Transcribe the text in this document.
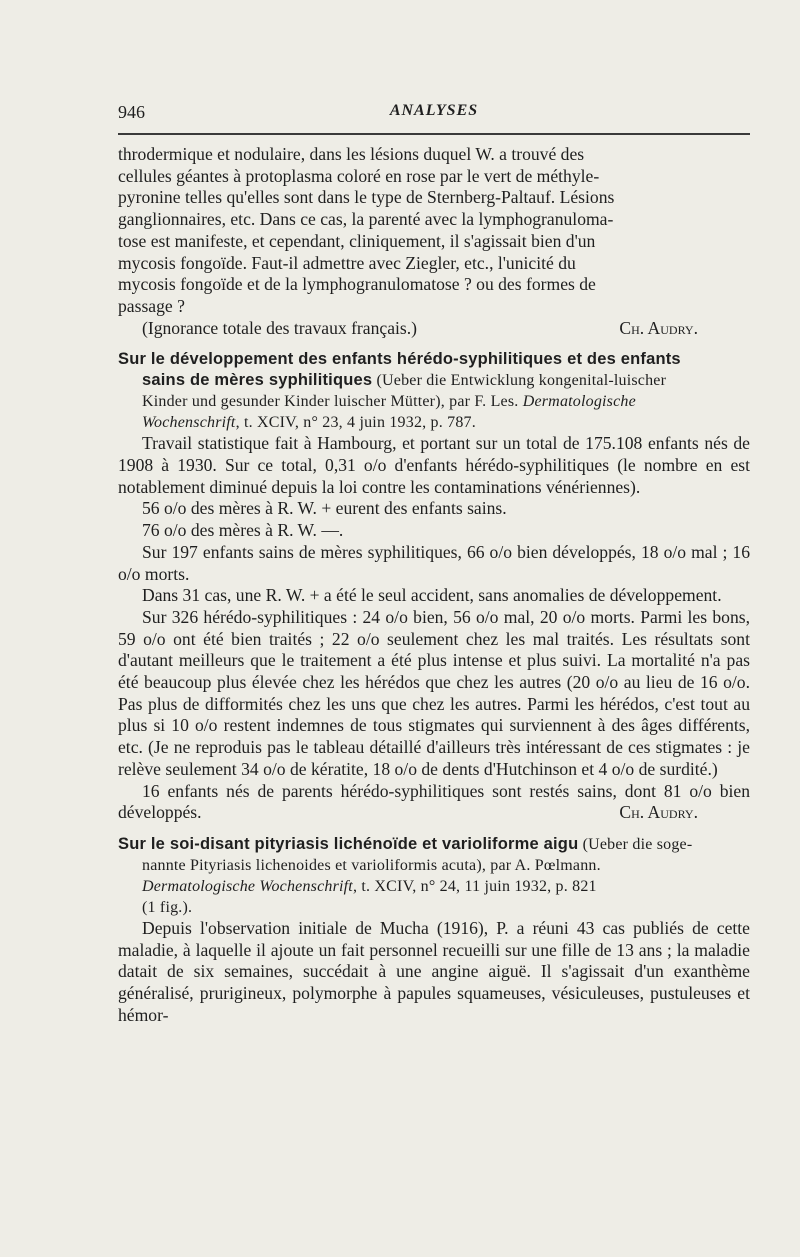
946	ANALYSES

throdermique et nodulaire, dans les lésions duquel W. a trouvé des

cellules géantes à protoplasma coloré en rose par le vert de méthyle-

pyronine telles qu'elles sont dans le type de Sternberg-Paltauf. Lésions

ganglionnaires, etc. Dans ce cas, la parenté avec la lymphogranuloma-

tose est manifeste, et cependant, cliniquement, il s'agissait bien d'un

mycosis fongoïde. Faut-il admettre avec Ziegler, etc., l'unicité du

mycosis fongoïde et de la lymphogranulomatose ? ou des formes de

passage ?

(Ignorance totale des travaux français.)	Ch. Audry.
Sur le développement des enfants hérédo-syphilitiques et des enfants
sains de mères syphilitiques (Ueber die Entwicklung kongenital-luischer
Kinder und gesunder Kinder luischer Mütter), par F. Les. Dermatologische
Wochenschrift, t. XCIV, n° 23, 4 juin 1932, p. 787.

Travail statistique fait à Hambourg, et portant sur un total de 175.108 enfants nés de 1908 à 1930. Sur ce total, 0,31 o/o d'enfants hérédo-syphilitiques (le nombre en est notablement diminué depuis la loi contre les contaminations vénériennes).

56 o/o des mères à R. W. + eurent des enfants sains.

76 o/o des mères à R. W. —.

Sur 197 enfants sains de mères syphilitiques, 66 o/o bien développés, 18 o/o mal ; 16 o/o morts.

Dans 31 cas, une R. W. + a été le seul accident, sans anomalies de développement.

Sur 326 hérédo-syphilitiques : 24 o/o bien, 56 o/o mal, 20 o/o morts. Parmi les bons, 59 o/o ont été bien traités ; 22 o/o seulement chez les mal traités. Les résultats sont d'autant meilleurs que le traitement a été plus intense et plus suivi. La mortalité n'a pas été beaucoup plus élevée chez les hérédos que chez les autres (20 o/o au lieu de 16 o/o. Pas plus de difformités chez les uns que chez les autres. Parmi les hérédos, c'est tout au plus si 10 o/o restent indemnes de tous stigmates qui surviennent à des âges différents, etc. (Je ne reproduis pas le tableau détaillé d'ailleurs très intéressant de ces stigmates : je relève seulement 34 o/o de kératite, 18 o/o de dents d'Hutchinson et 4 o/o de surdité.)

16 enfants nés de parents hérédo-syphilitiques sont restés sains, dont 81 o/o bien développés.	Ch. Audry.

Sur le soi-disant pityriasis lichénoïde et varioliforme aigu (Ueber die soge-
nannte Pityriasis lichenoides et varioliformis acuta), par A. Pœlmann.
Dermatologische Wochenschrift, t. XCIV, n° 24, 11 juin 1932, p. 821
(1 fig.).

Depuis l'observation initiale de Mucha (1916), P. a réuni 43 cas publiés de cette maladie, à laquelle il ajoute un fait personnel recueilli sur une fille de 13 ans ; la maladie datait de six semaines, succédait à une angine aiguë. Il s'agissait d'un exanthème généralisé, prurigineux, polymorphe à papules squameuses, vésiculeuses, pustuleuses et hémor-
